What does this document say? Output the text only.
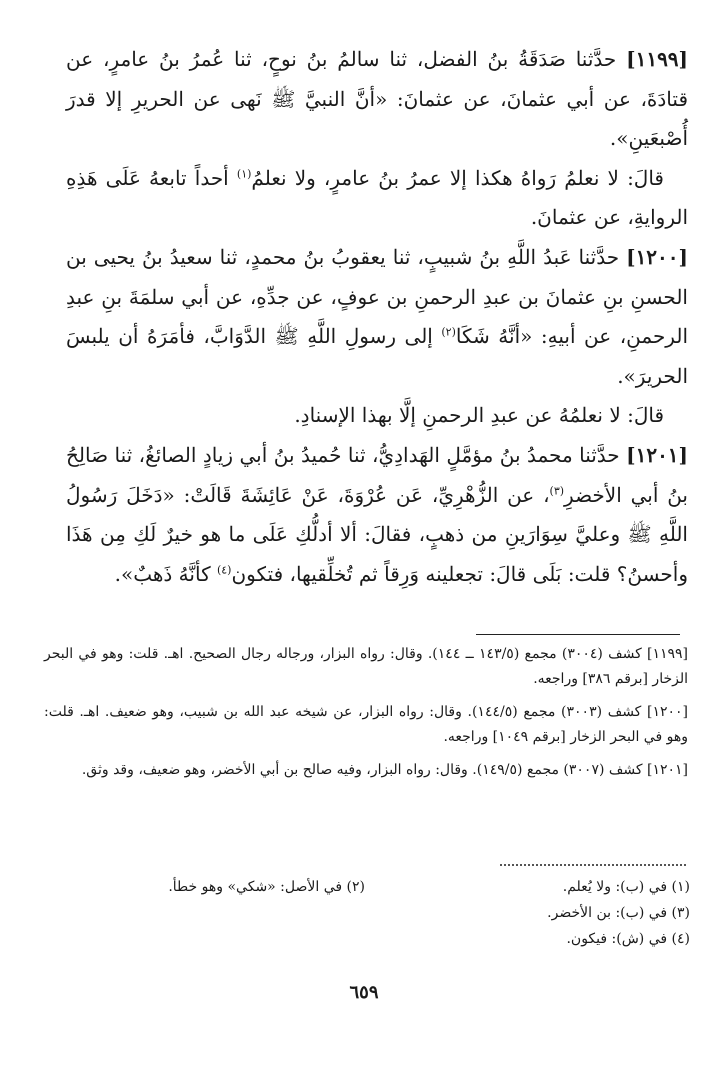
[١١٩٩] حدَّثنا صَدَقَةُ بنُ الفضل، ثنا سالمُ بنُ نوحٍ، ثنا عُمرُ بنُ عامرٍ، عن قتادَةَ، عن أبي عثمانَ، عن عثمانَ: «أنَّ النبيَّ ﷺ نَهى عن الحريرِ إلا قدرَ أُصْبعَينِ».

قالَ: لا نعلمُ رَواهُ هكذا إلا عمرُ بنُ عامرٍ، ولا نعلمُ$^{(١)}$ أحداً تابعهُ عَلَى هَذِهِ الروايةِ، عن عثمانَ.

[١٢٠٠] حدَّثنا عَبدُ اللَّهِ بنُ شبيبٍ، ثنا يعقوبُ بنُ محمدٍ، ثنا سعيدُ بنُ يحيى بن الحسنِ بنِ عثمانَ بن عبدِ الرحمنِ بن عوفٍ، عن جدِّهِ، عن أبي سلمَةَ بنِ عبدِ الرحمنِ، عن أبيهِ: «أنَّهُ شَكَا$^{(٢)}$ إلى رسولِ اللَّهِ ﷺ الدَّوَابَّ، فأمَرَهُ أن يلبسَ الحريرَ».

قالَ: لا نعلمُهُ عن عبدِ الرحمنِ إلَّا بهذا الإسنادِ.

[١٢٠١] حدَّثنا محمدُ بنُ مؤمَّلٍ الهَدادِيُّ، ثنا حُميدُ بنُ أبي زيادٍ الصائغُ، ثنا صَالِحُ بنُ أبي الأخضرِ$^{(٣)}$، عن الزُّهْرِيِّ، عَن عُرْوَةَ، عَنْ عَائِشَةَ قَالَتْ: «دَخَلَ رَسُولُ اللَّهِ ﷺ وعليَّ سِوَارَينِ من ذهبٍ، فقالَ: ألا أدلُّكِ عَلَى ما هو خيرٌ لَكِ مِن هَذَا وأحسنُ؟ قلت: بَلَى قالَ: تجعلينه وَرِقاً ثم تُخلِّقيها، فتكون$^{(٤)}$ كأنَّهُ ذَهبٌ».

[١١٩٩] كشف (٣٠٠٤) مجمع (١٤٣/٥ ــ ١٤٤). وقال: رواه البزار، ورجاله رجال الصحيح. اهـ. قلت: وهو في البحر الزخار [برقم ٣٨٦] وراجعه.

[١٢٠٠] كشف (٣٠٠٣) مجمع (١٤٤/٥). وقال: رواه البزار، عن شيخه عبد الله بن شبيب، وهو ضعيف. اهـ. قلت: وهو في البحر الزخار [برقم ١٠٤٩] وراجعه.

[١٢٠١] كشف (٣٠٠٧) مجمع (١٤٩/٥). وقال: رواه البزار، وفيه صالح بن أبي الأخضر، وهو ضعيف، وقد وثق.

(١) في (ب): ولا يُعلم.
(٢) في الأصل: «شكي» وهو خطأ.
(٣) في (ب): بن الأخضر.
(٤) في (ش): فيكون.
٦٥٩
